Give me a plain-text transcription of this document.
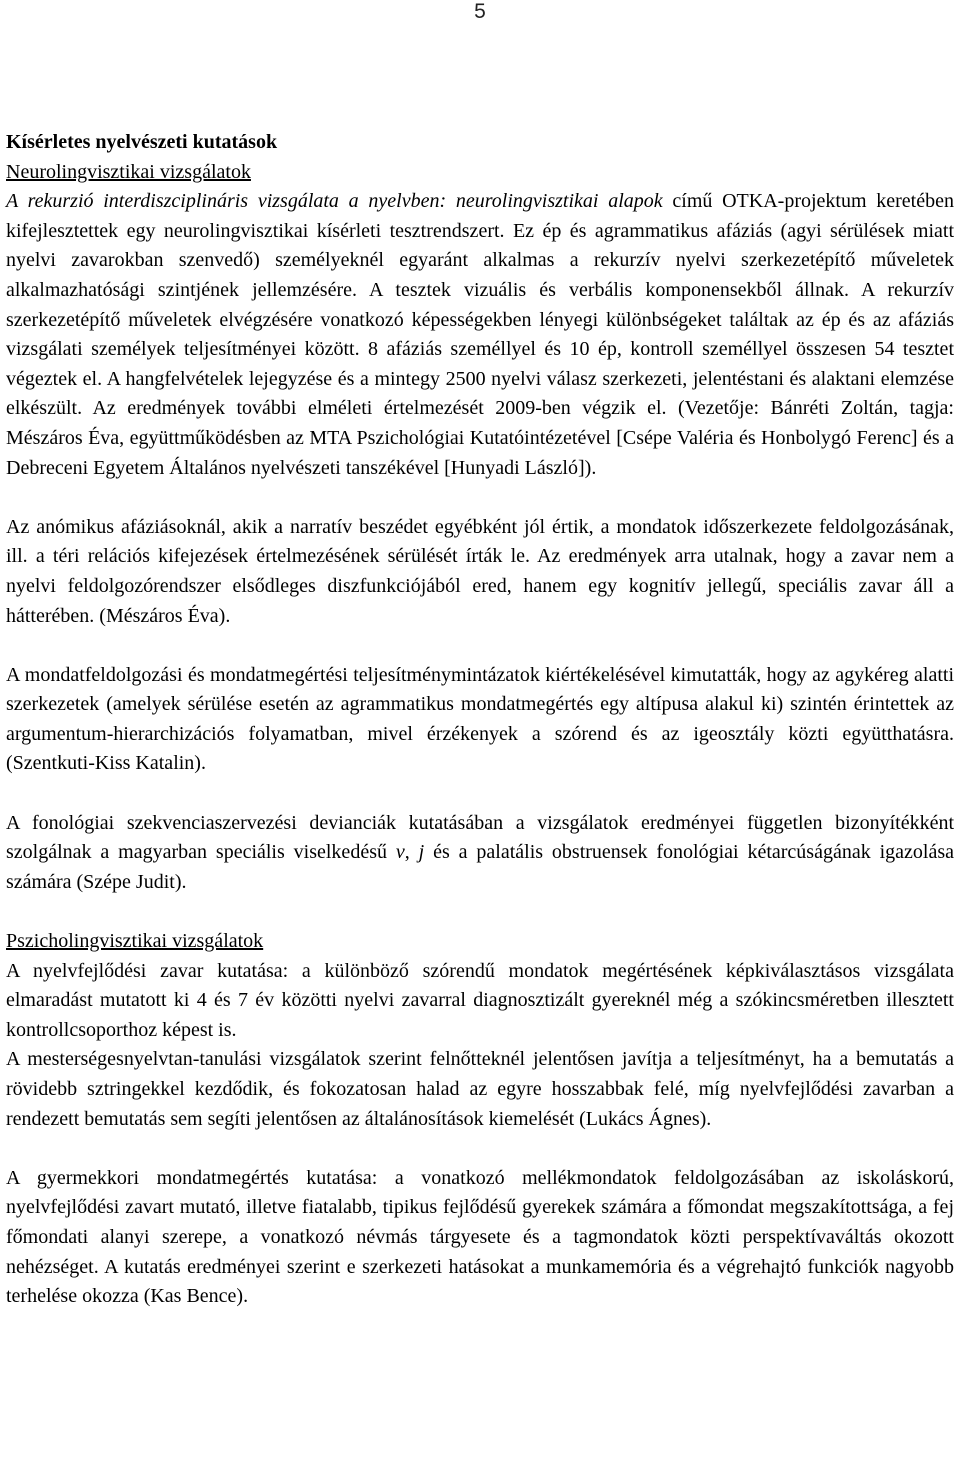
5

Kísérletes nyelvészeti kutatások

Neurolingvisztikai vizsgálatok

A rekurzió interdiszciplináris vizsgálata a nyelvben: neurolingvisztikai alapok című OTKA-projektum keretében kifejlesztettek egy neurolingvisztikai kísérleti tesztrendszert. Ez ép és agrammatikus afáziás (agyi sérülések miatt nyelvi zavarokban szenvedő) személyeknél egyaránt alkalmas a rekurzív nyelvi szerkezetépítő műveletek alkalmazhatósági szintjének jellemzésére. A tesztek vizuális és verbális komponensekből állnak. A rekurzív szerkezetépítő műveletek elvégzésére vonatkozó képességekben lényegi különbségeket találtak az ép és az afáziás vizsgálati személyek teljesítményei között. 8 afáziás személlyel és 10 ép, kontroll személlyel összesen 54 tesztet végeztek el. A hangfelvételek lejegyzése és a mintegy 2500 nyelvi válasz szerkezeti, jelentéstani és alaktani elemzése elkészült. Az eredmények további elméleti értelmezését 2009-ben végzik el. (Vezetője: Bánréti Zoltán, tagja: Mészáros Éva, együttműködésben az MTA Pszichológiai Kutatóintézetével [Csépe Valéria és Honbolygó Ferenc] és a Debreceni Egyetem Általános nyelvészeti tanszékével [Hunyadi László]).

Az anómikus afáziásoknál, akik a narratív beszédet egyébként jól értik, a mondatok időszerkezete feldolgozásának, ill. a téri relációs kifejezések értelmezésének sérülését írták le. Az eredmények arra utalnak, hogy a zavar nem a nyelvi feldolgozórendszer elsődleges diszfunkciójából ered, hanem egy kognitív jellegű, speciális zavar áll a hátterében. (Mészáros Éva).

A mondatfeldolgozási és mondatmegértési teljesítménymintázatok kiértékelésével kimutatták, hogy az agykéreg alatti szerkezetek (amelyek sérülése esetén az agrammatikus mondatmegértés egy altípusa alakul ki) szintén érintettek az argumentum-hierarchizációs folyamatban, mivel érzékenyek a szórend és az igeosztály közti együtthatásra. (Szentkuti-Kiss Katalin).

A fonológiai szekvenciaszervezési devianciák kutatásában a vizsgálatok eredményei független bizonyítékként szolgálnak a magyarban speciális viselkedésű v, j és a palatális obstruensek fonológiai kétarcúságának igazolása számára (Szépe Judit).

Pszicholingvisztikai vizsgálatok

A nyelvfejlődési zavar kutatása: a különböző szórendű mondatok megértésének képkiválasztásos vizsgálata elmaradást mutatott ki 4 és 7 év közötti nyelvi zavarral diagnosztizált gyereknél még a szókincsméretben illesztett kontrollcsoporthoz képest is.

A mesterségesnyelvtan-tanulási vizsgálatok szerint felnőtteknél jelentősen javítja a teljesítményt, ha a bemutatás a rövidebb sztringekkel kezdődik, és fokozatosan halad az egyre hosszabbak felé, míg nyelvfejlődési zavarban a rendezett bemutatás sem segíti jelentősen az általánosítások kiemelését (Lukács Ágnes).

A gyermekkori mondatmegértés kutatása: a vonatkozó mellékmondatok feldolgozásában az iskoláskorú, nyelvfejlődési zavart mutató, illetve fiatalabb, tipikus fejlődésű gyerekek számára a főmondat megszakítottsága, a fej főmondati alanyi szerepe, a vonatkozó névmás tárgyesete és a tagmondatok közti perspektívaváltás okozott nehézséget. A kutatás eredményei szerint e szerkezeti hatásokat a munkamemória és a végrehajtó funkciók nagyobb terhelése okozza (Kas Bence).
